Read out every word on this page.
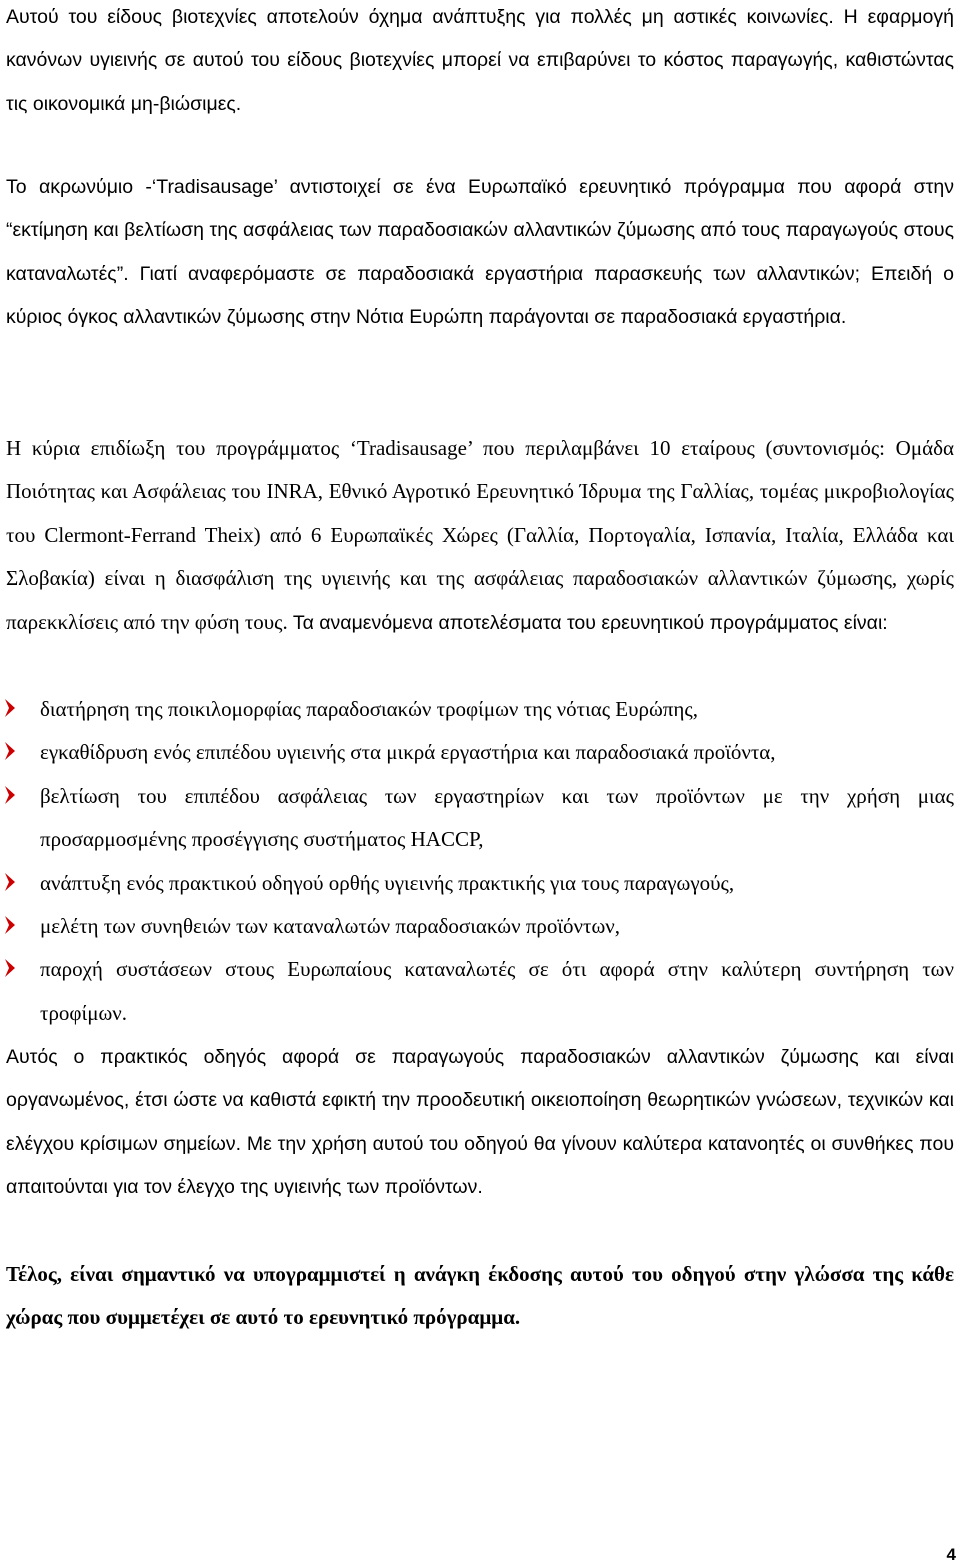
Αυτού του είδους βιοτεχνίες αποτελούν όχημα ανάπτυξης για πολλές μη αστικές κοινωνίες. Η εφαρμογή κανόνων υγιεινής σε αυτού του είδους βιοτεχνίες μπορεί να επιβαρύνει το κόστος παραγωγής, καθιστώντας τις οικονομικά μη-βιώσιμες.

Το ακρωνύμιο -‘Tradisausage’ αντιστοιχεί σε ένα Ευρωπαϊκό ερευνητικό πρόγραμμα που αφορά στην “εκτίμηση και βελτίωση της ασφάλειας των παραδοσιακών αλλαντικών ζύμωσης από τους παραγωγούς στους καταναλωτές”. Γιατί αναφερόμαστε σε παραδοσιακά εργαστήρια παρασκευής των αλλαντικών; Επειδή ο κύριος όγκος αλλαντικών ζύμωσης στην Νότια Ευρώπη παράγονται σε παραδοσιακά εργαστήρια.

Η κύρια επιδίωξη του προγράμματος ‘Tradisausage’ που περιλαμβάνει 10 εταίρους (συντονισμός: Ομάδα Ποιότητας και Ασφάλειας του INRA, Εθνικό Αγροτικό Ερευνητικό Ίδρυμα της Γαλλίας, τομέας μικροβιολογίας του Clermont-Ferrand Theix) από 6 Ευρωπαϊκές Χώρες (Γαλλία, Πορτογαλία, Ισπανία, Ιταλία, Ελλάδα και Σλοβακία) είναι η διασφάλιση της υγιεινής και της ασφάλειας παραδοσιακών αλλαντικών ζύμωσης, χωρίς παρεκκλίσεις από την φύση τους. Τα αναμενόμενα αποτελέσματα του ερευνητικού προγράμματος είναι:

διατήρηση της ποικιλομορφίας παραδοσιακών τροφίμων της νότιας Ευρώπης,
εγκαθίδρυση ενός επιπέδου υγιεινής στα μικρά εργαστήρια και παραδοσιακά προϊόντα,
βελτίωση του επιπέδου ασφάλειας των εργαστηρίων και των προϊόντων με την χρήση μιας προσαρμοσμένης προσέγγισης συστήματος HACCP,
ανάπτυξη ενός πρακτικού οδηγού ορθής υγιεινής πρακτικής για τους παραγωγούς,
μελέτη των συνηθειών των καταναλωτών παραδοσιακών προϊόντων,
παροχή συστάσεων στους Ευρωπαίους καταναλωτές σε ότι αφορά στην καλύτερη συντήρηση των τροφίμων.

Αυτός ο πρακτικός οδηγός αφορά σε παραγωγούς παραδοσιακών αλλαντικών ζύμωσης και είναι οργανωμένος, έτσι ώστε να καθιστά εφικτή την προοδευτική οικειοποίηση θεωρητικών γνώσεων, τεχνικών και ελέγχου κρίσιμων σημείων. Με την χρήση αυτού του οδηγού θα γίνουν καλύτερα κατανοητές οι συνθήκες που απαιτούνται για τον έλεγχο της υγιεινής των προϊόντων.

Τέλος, είναι σημαντικό να υπογραμμιστεί η ανάγκη έκδοσης αυτού του οδηγού στην γλώσσα της κάθε χώρας που συμμετέχει σε αυτό το ερευνητικό πρόγραμμα.

4
